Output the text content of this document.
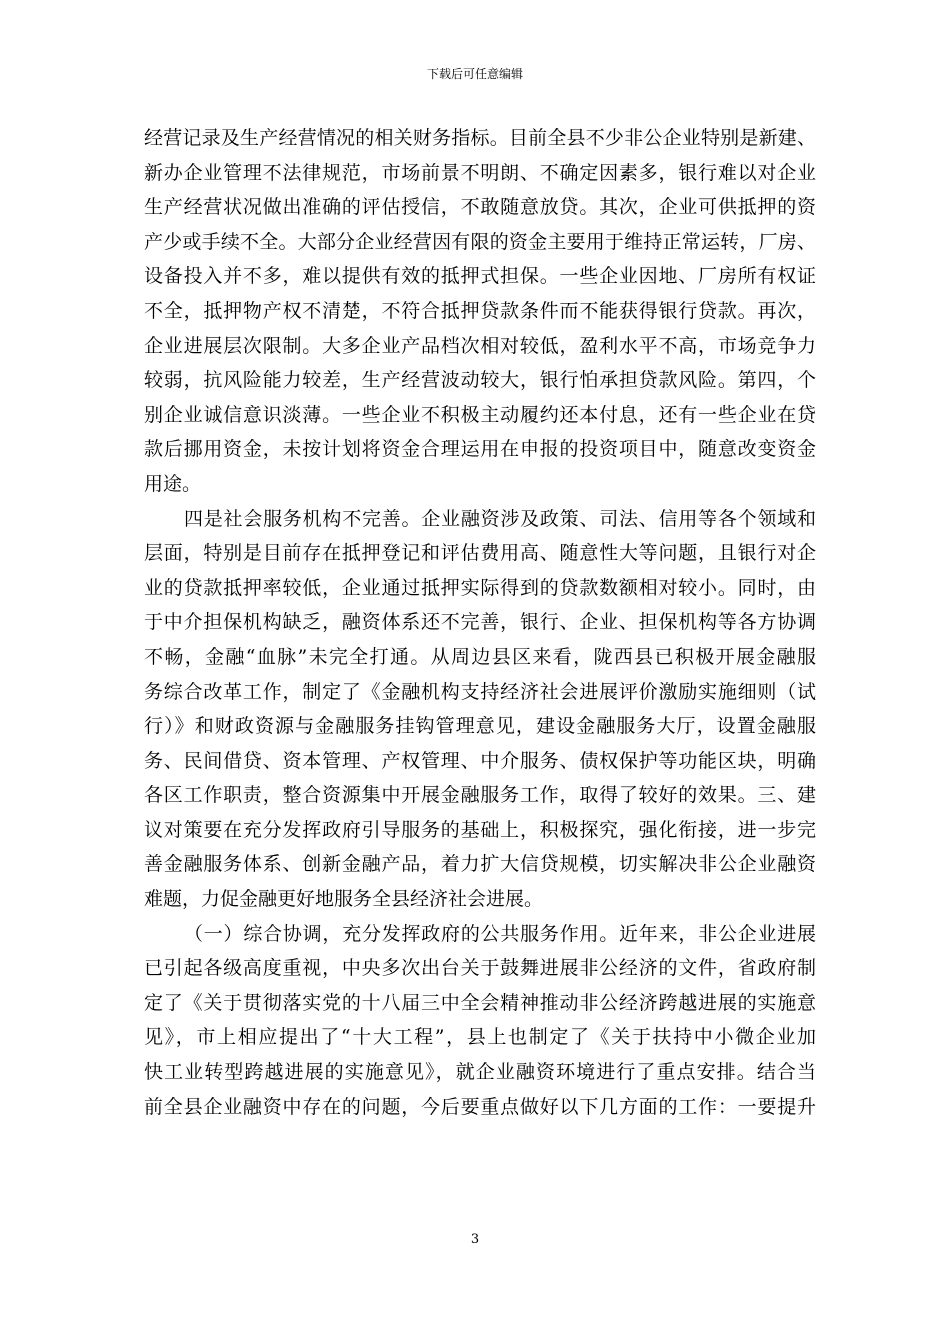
下载后可任意编辑
经营记录及生产经营情况的相关财务指标。目前全县不少非公企业特别是新建、
新办企业管理不法律规范，市场前景不明朗、不确定因素多，银行难以对企业
生产经营状况做出准确的评估授信，不敢随意放贷。其次，企业可供抵押的资
产少或手续不全。大部分企业经营因有限的资金主要用于维持正常运转，厂房、
设备投入并不多，难以提供有效的抵押式担保。一些企业因地、厂房所有权证
不全，抵押物产权不清楚，不符合抵押贷款条件而不能获得银行贷款。再次，
企业进展层次限制。大多企业产品档次相对较低，盈利水平不高，市场竞争力
较弱，抗风险能力较差，生产经营波动较大，银行怕承担贷款风险。第四，个
别企业诚信意识淡薄。一些企业不积极主动履约还本付息，还有一些企业在贷
款后挪用资金，未按计划将资金合理运用在申报的投资项目中，随意改变资金
用途。
四是社会服务机构不完善。企业融资涉及政策、司法、信用等各个领域和
层面，特别是目前存在抵押登记和评估费用高、随意性大等问题，且银行对企
业的贷款抵押率较低，企业通过抵押实际得到的贷款数额相对较小。同时，由
于中介担保机构缺乏，融资体系还不完善，银行、企业、担保机构等各方协调
不畅，金融“血脉”未完全打通。从周边县区来看，陇西县已积极开展金融服
务综合改革工作，制定了《金融机构支持经济社会进展评价激励实施细则（试
行）》和财政资源与金融服务挂钩管理意见，建设金融服务大厅，设置金融服
务、民间借贷、资本管理、产权管理、中介服务、债权保护等功能区块，明确
各区工作职责，整合资源集中开展金融服务工作，取得了较好的效果。三、建
议对策要在充分发挥政府引导服务的基础上，积极探究，强化衔接，进一步完
善金融服务体系、创新金融产品，着力扩大信贷规模，切实解决非公企业融资
难题，力促金融更好地服务全县经济社会进展。
（一）综合协调，充分发挥政府的公共服务作用。近年来，非公企业进展
已引起各级高度重视，中央多次出台关于鼓舞进展非公经济的文件，省政府制
定了《关于贯彻落实党的十八届三中全会精神推动非公经济跨越进展的实施意
见》，市上相应提出了“十大工程”，县上也制定了《关于扶持中小微企业加
快工业转型跨越进展的实施意见》，就企业融资环境进行了重点安排。结合当
前全县企业融资中存在的问题，今后要重点做好以下几方面的工作：一要提升
3
